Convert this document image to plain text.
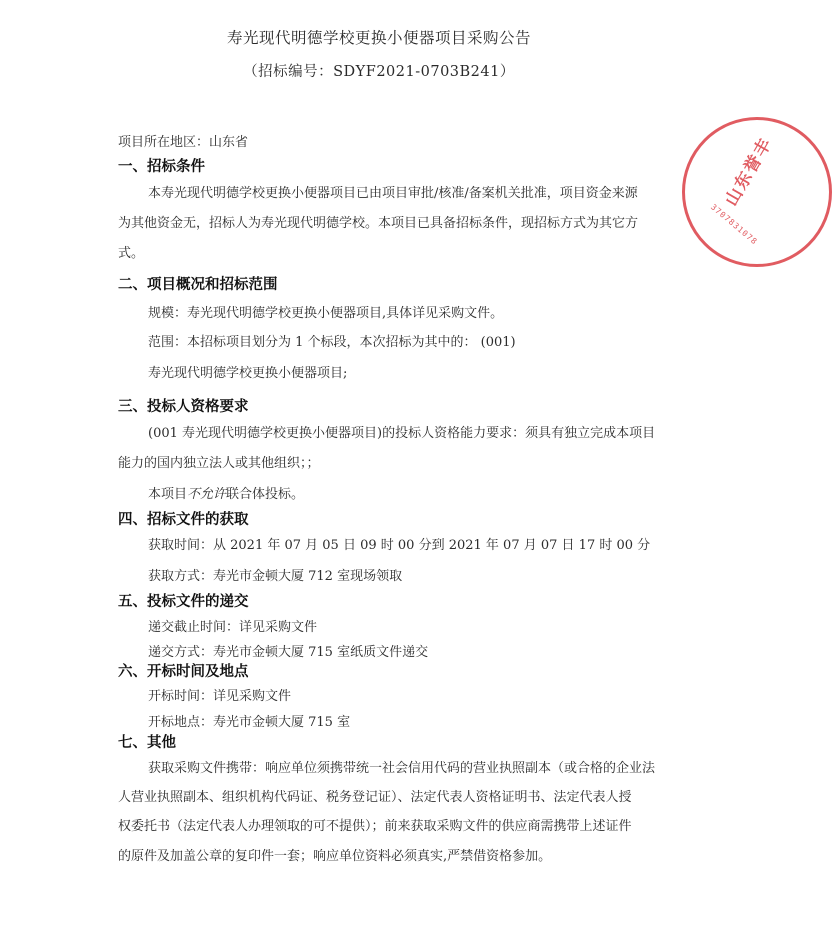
寿光现代明德学校更换小便器项目采购公告
（招标编号：SDYF2021-0703B241）
项目所在地区：山东省
一、招标条件
本寿光现代明德学校更换小便器项目已由项目审批/核准/备案机关批准，项目资金来源
为其他资金无，招标人为寿光现代明德学校。本项目已具备招标条件，现招标方式为其它方
式。
二、项目概况和招标范围
规模：寿光现代明德学校更换小便器项目,具体详见采购文件。
范围：本招标项目划分为 1 个标段，本次招标为其中的： (001)
寿光现代明德学校更换小便器项目;
三、投标人资格要求
(001 寿光现代明德学校更换小便器项目)的投标人资格能力要求：须具有独立完成本项目
能力的国内独立法人或其他组织；；
本项目不允许联合体投标。
四、招标文件的获取
获取时间：从 2021 年 07 月 05 日 09 时 00 分到 2021 年 07 月 07 日 17 时 00 分
获取方式：寿光市金顿大厦 712 室现场领取
五、投标文件的递交
递交截止时间：详见采购文件
递交方式：寿光市金顿大厦 715 室纸质文件递交
六、开标时间及地点
开标时间：详见采购文件
开标地点：寿光市金顿大厦 715 室
七、其他
获取采购文件携带：响应单位须携带统一社会信用代码的营业执照副本（或合格的企业法
人营业执照副本、组织机构代码证、税务登记证）、法定代表人资格证明书、法定代表人授
权委托书（法定代表人办理领取的可不提供）；前来获取采购文件的供应商需携带上述证件
的原件及加盖公章的复印件一套；响应单位资料必须真实,严禁借资格参加。
山东誉丰
3707831078
